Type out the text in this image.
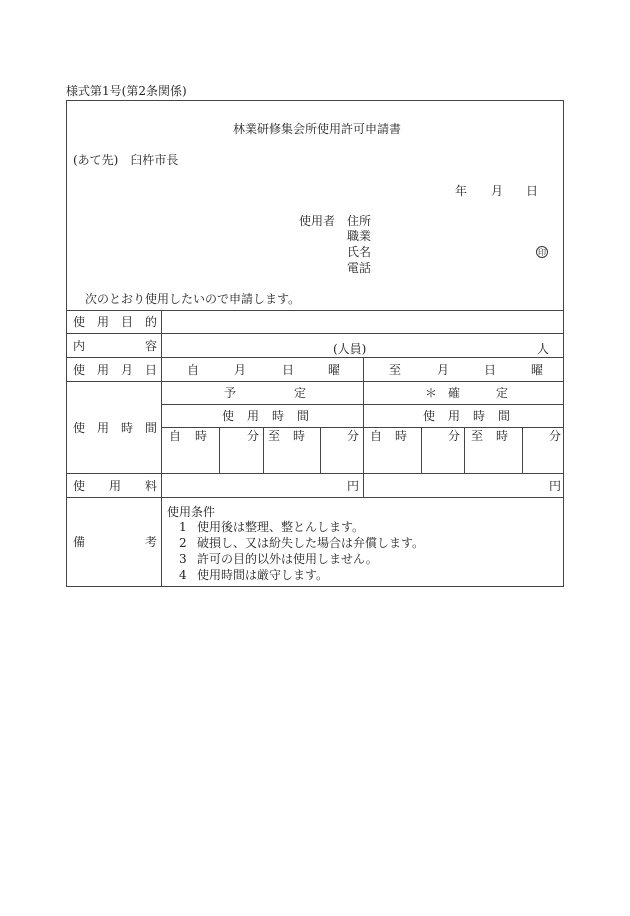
様式第1号(第2条関係)
林業研修集会所使用許可申請書
(あて先)　臼杵市長
年 月 日
使用者 住所
職業
氏名
電話
印
次のとおり使用したいので申請します。
使 用 目 的
内	容	(人員)	人
使 用 月 日 自	月	日	曜	至	月	日	曜
使 用 時 間
予	定	＊ 確	定
使 用 時 間	使 用 時 間
自 時	分 至 時	分 自 時	分 至 時	分
使 用 料	円	円
備	考
使用条件
1 使用後は整理、整とんします。
2 破損し、又は紛失した場合は弁償します。
3 許可の目的以外は使用しません。
4 使用時間は厳守します。
